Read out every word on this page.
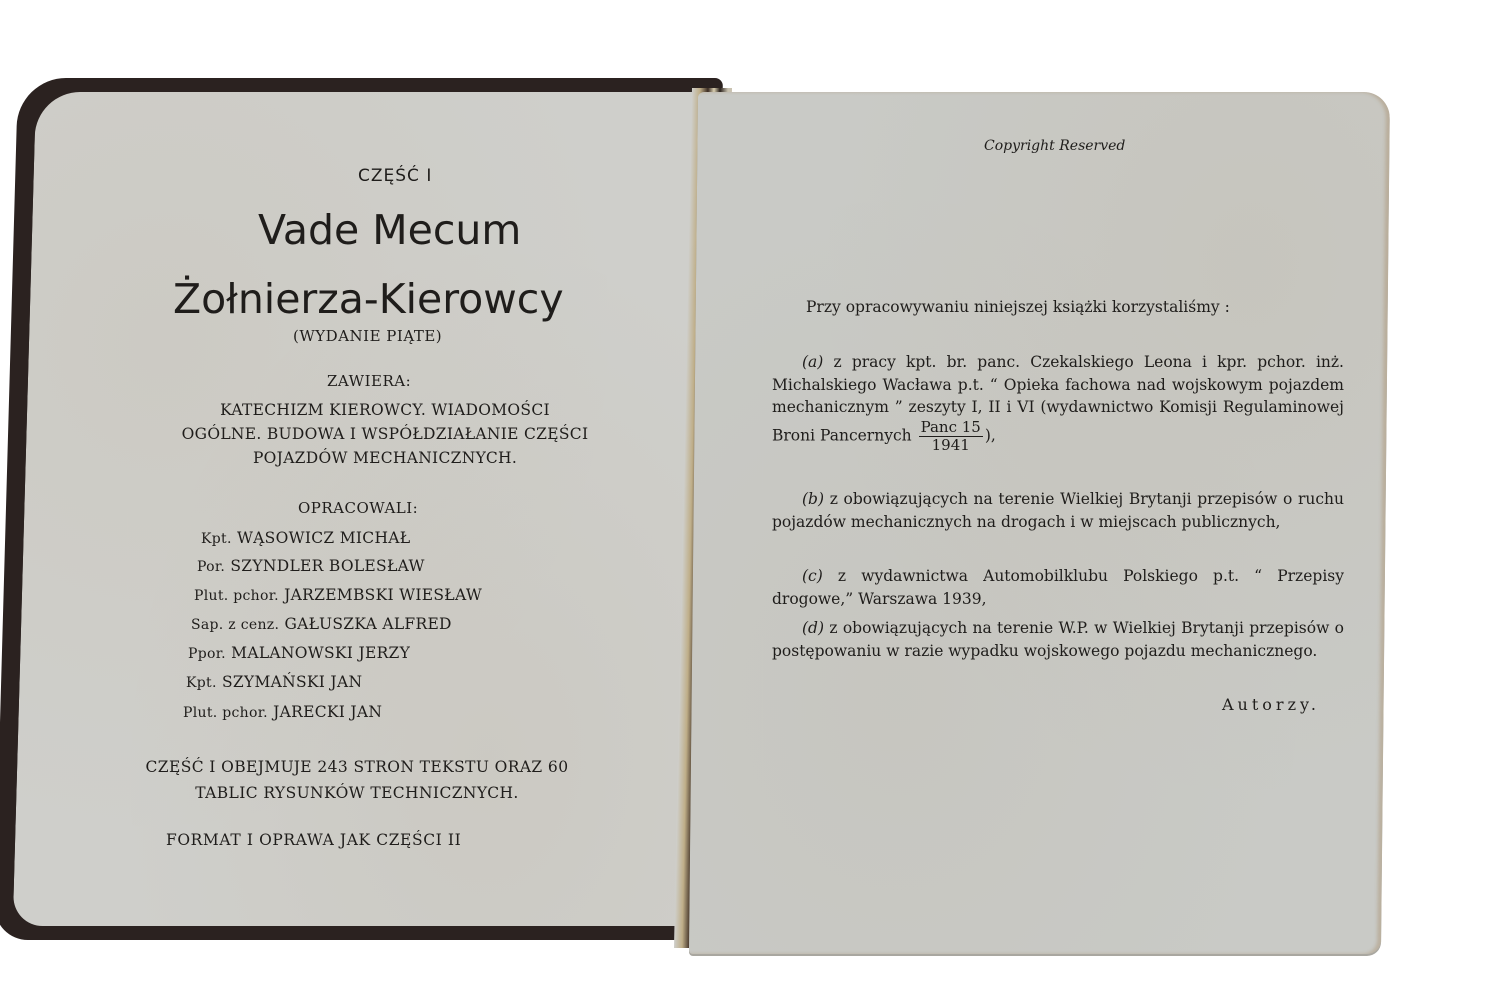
CZĘŚĆ I
Vade Mecum
Żołnierza-Kierowcy
(WYDANIE PIĄTE)
ZAWIERA:
KATECHIZM KIEROWCY. WIADOMOŚCI OGÓLNE. BUDOWA I WSPÓŁDZIAŁANIE CZĘŚCI POJAZDÓW MECHANICZNYCH.
OPRACOWALI:
Kpt. WĄSOWICZ MICHAŁ
Por. SZYNDLER BOLESŁAW
Plut. pchor. JARZEMBSKI WIESŁAW
Sap. z cenz. GAŁUSZKA ALFRED
Ppor. MALANOWSKI JERZY
Kpt. SZYMAŃSKI JAN
Plut. pchor. JARECKI JAN
CZĘŚĆ I OBEJMUJE 243 STRON TEKSTU ORAZ 60 TABLIC RYSUNKÓW TECHNICZNYCH.
FORMAT I OPRAWA JAK CZĘŚCI II
Copyright Reserved
Przy opracowywaniu niniejszej książki korzystaliśmy :
(a) z pracy kpt. br. panc. Czekalskiego Leona i kpr. pchor. inż. Michalskiego Wacława p.t. “ Opieka fachowa nad wojskowym pojazdem mechanicznym ” zeszyty I, II i VI (wydawnictwo Komisji Regulaminowej Broni Pancernych $\frac{\text{Panc 15}}{1941}$ ),
(b) z obowiązujących na terenie Wielkiej Brytanji przepisów o ruchu pojazdów mechanicznych na drogach i w miejscach publicznych,
(c) z wydawnictwa Automobilklubu Polskiego p.t. “ Przepisy drogowe,” Warszawa 1939,
(d) z obowiązujących na terenie W.P. w Wielkiej Brytanji przepisów o postępowaniu w razie wypadku wojskowego pojazdu mechanicznego.
Autorzy.
